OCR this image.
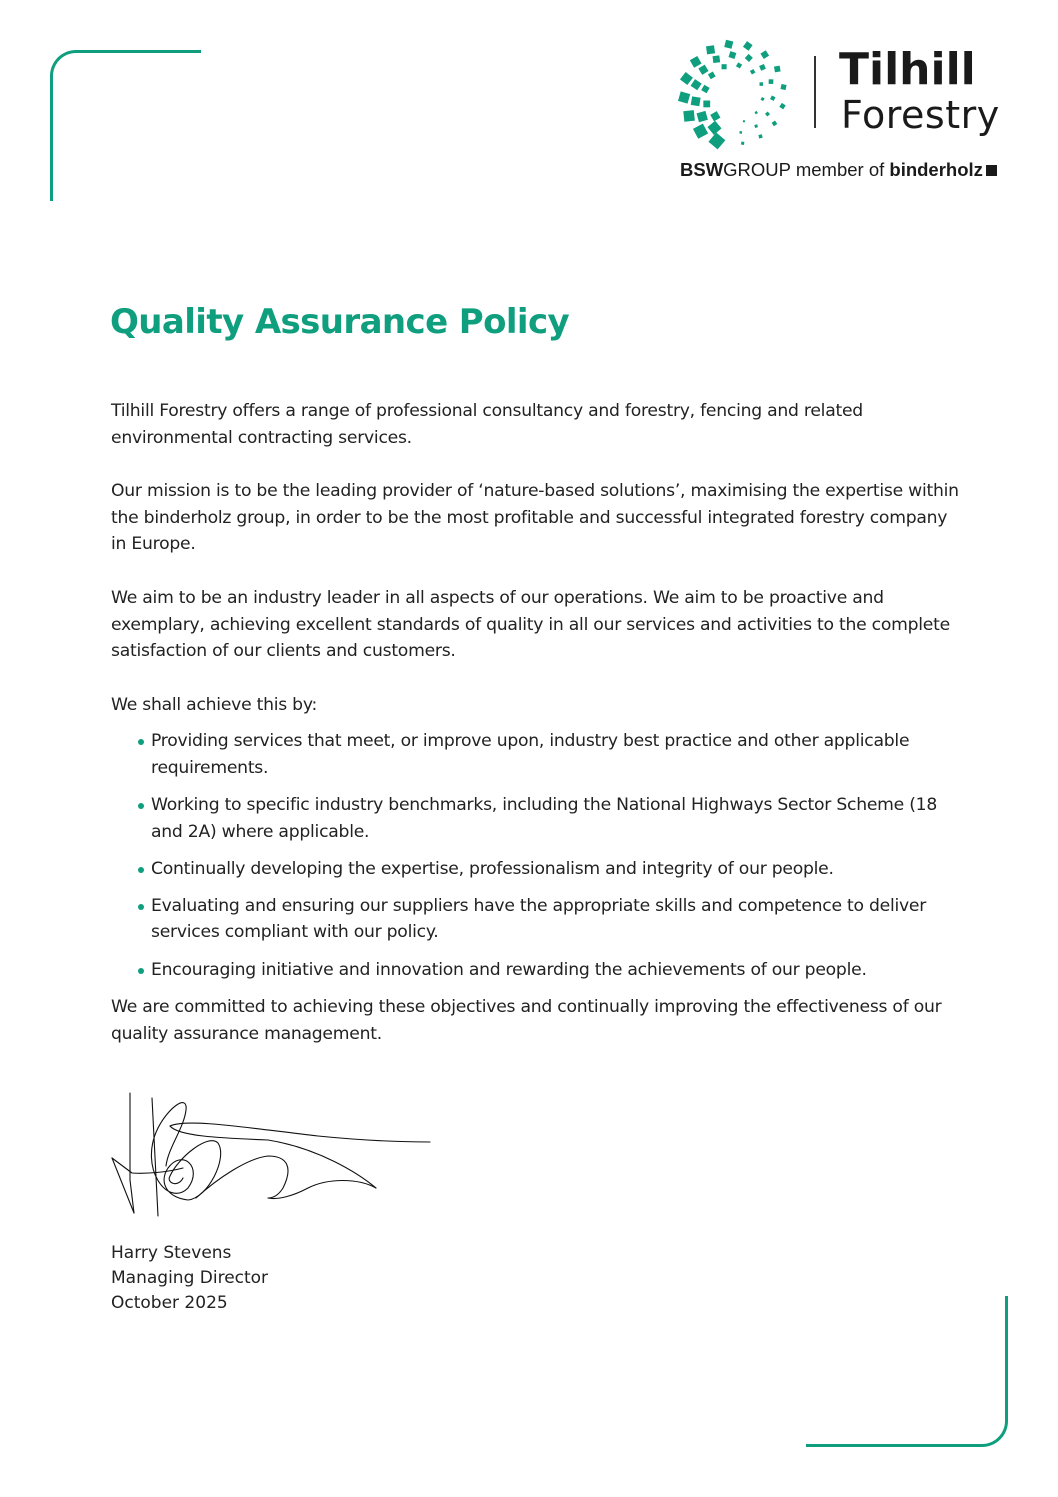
Tilhill
Forestry
BSWGROUP member of binderholz
Quality Assurance Policy

Tilhill Forestry offers a range of professional consultancy and forestry, fencing and related environmental contracting services.

Our mission is to be the leading provider of ‘nature-based solutions’, maximising the expertise within the binderholz group, in order to be the most profitable and successful integrated forestry company in Europe.

We aim to be an industry leader in all aspects of our operations. We aim to be proactive and exemplary, achieving excellent standards of quality in all our services and activities to the complete satisfaction of our clients and customers.

We shall achieve this by:

Providing services that meet, or improve upon, industry best practice and other applicable requirements.
Working to specific industry benchmarks, including the National Highways Sector Scheme (18 and 2A) where applicable.
Continually developing the expertise, professionalism and integrity of our people.
Evaluating and ensuring our suppliers have the appropriate skills and competence to deliver services compliant with our policy.
Encouraging initiative and innovation and rewarding the achievements of our people.

We are committed to achieving these objectives and continually improving the effectiveness of our quality assurance management.

Harry Stevens
Managing Director
October 2025
